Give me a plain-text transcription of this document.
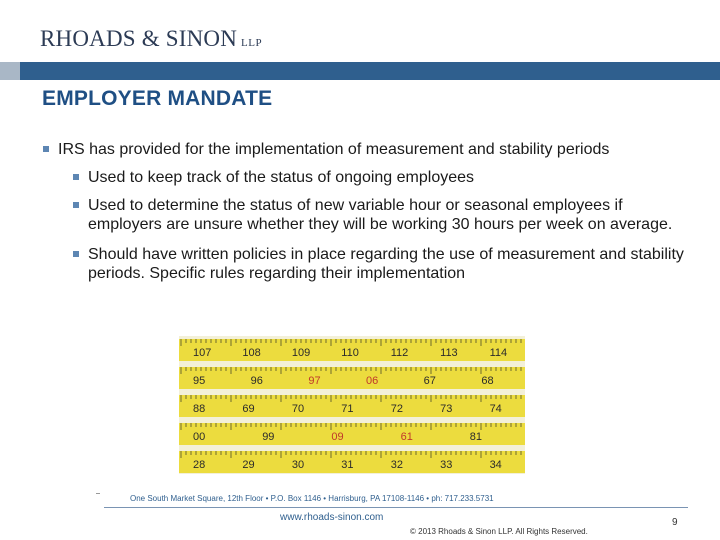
RHOADS & SINON LLP
EMPLOYER MANDATE
IRS has provided for the implementation of measurement and stability periods
Used to keep track of the status of ongoing employees
Used to determine the status of new variable hour or seasonal employees if employers are unsure whether they will be working 30 hours per week on average.
Should have written policies in place regarding the use of measurement and stability periods. Specific rules regarding their implementation
107	108	109	110	112	113	114
95	96	97	06	67	68
88	69	70	71	72	73	74
00	99	09	61	81
28	29	30	31	32	33	34
One South Market Square, 12th Floor • P.O. Box 1146 • Harrisburg, PA 17108-1146 • ph: 717.233.5731
www.rhoads-sinon.com
© 2013 Rhoads & Sinon LLP. All Rights Reserved.
9
